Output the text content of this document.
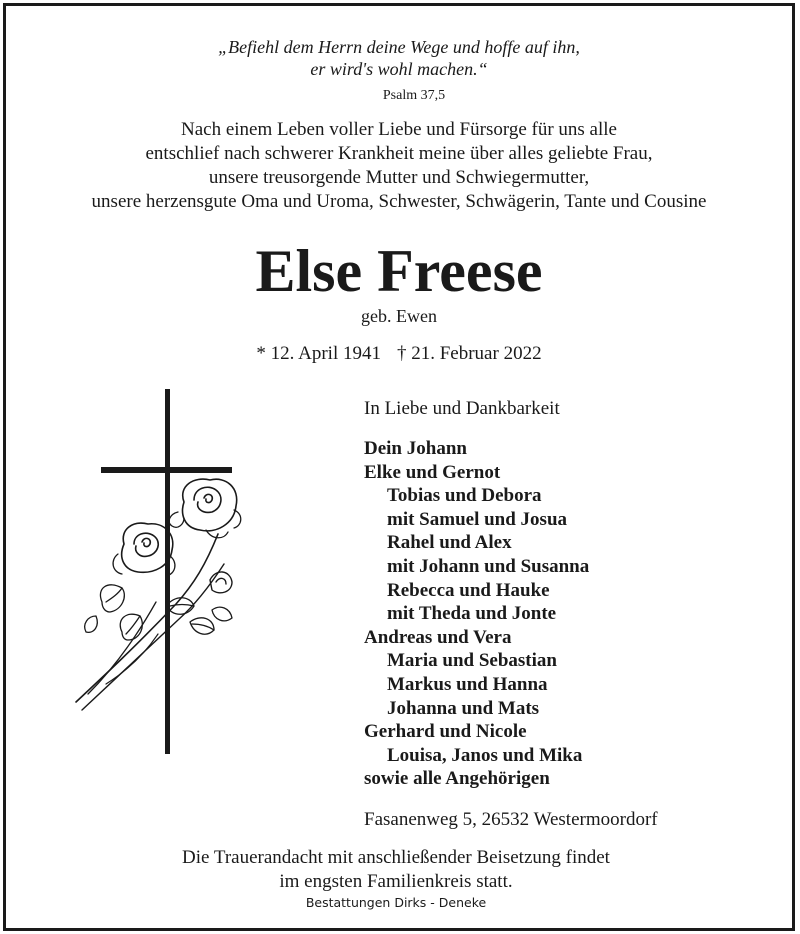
„Befiehl dem Herrn deine Wege und hoffe auf ihn,
er wird's wohl machen.“
Psalm 37,5
Nach einem Leben voller Liebe und Fürsorge für uns alle
entschlief nach schwerer Krankheit meine über alles geliebte Frau,
unsere treusorgende Mutter und Schwiegermutter,
unsere herzensgute Oma und Uroma, Schwester, Schwägerin, Tante und Cousine
Else Freese
geb. Ewen
* 12. April 1941 † 21. Februar 2022
In Liebe und Dankbarkeit
Dein Johann
Elke und Gernot
Tobias und Debora
mit Samuel und Josua
Rahel und Alex
mit Johann und Susanna
Rebecca und Hauke
mit Theda und Jonte
Andreas und Vera
Maria und Sebastian
Markus und Hanna
Johanna und Mats
Gerhard und Nicole
Louisa, Janos und Mika
sowie alle Angehörigen
Fasanenweg 5, 26532 Westermoordorf
Die Trauerandacht mit anschließender Beisetzung findet
im engsten Familienkreis statt.
Bestattungen Dirks - Deneke
